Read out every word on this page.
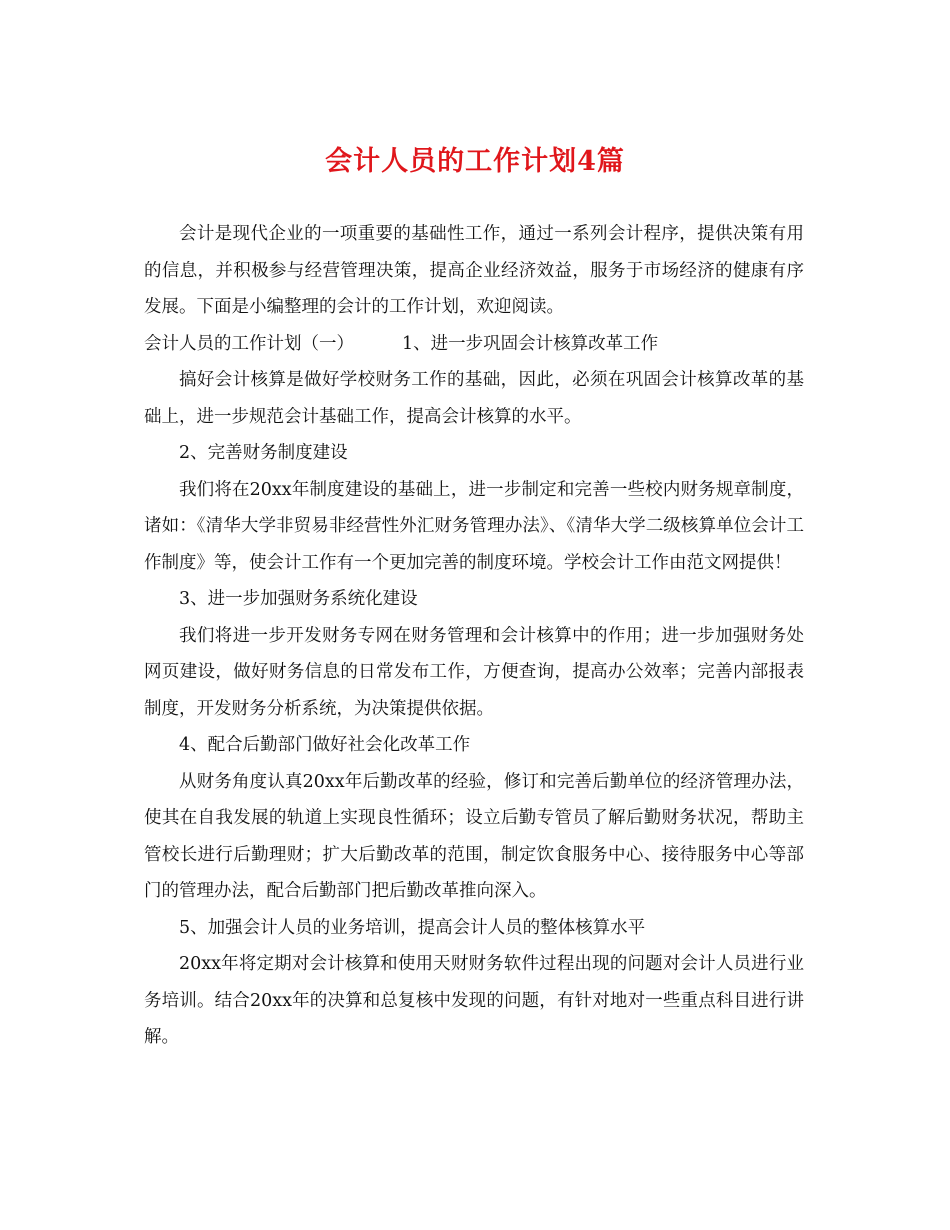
会计人员的工作计划4篇

会计是现代企业的一项重要的基础性工作，通过一系列会计程序，提供决策有用的信息，并积极参与经营管理决策，提高企业经济效益，服务于市场经济的健康有序发展。下面是小编整理的会计的工作计划，欢迎阅读。

会计人员的工作计划（一）	1、进一步巩固会计核算改革工作

搞好会计核算是做好学校财务工作的基础，因此，必须在巩固会计核算改革的基础上，进一步规范会计基础工作，提高会计核算的水平。

2、完善财务制度建设

我们将在20xx年制度建设的基础上，进一步制定和完善一些校内财务规章制度，诸如：《清华大学非贸易非经营性外汇财务管理办法》、《清华大学二级核算单位会计工作制度》等，使会计工作有一个更加完善的制度环境。学校会计工作由范文网提供！

3、进一步加强财务系统化建设

我们将进一步开发财务专网在财务管理和会计核算中的作用；进一步加强财务处网页建设，做好财务信息的日常发布工作，方便查询，提高办公效率；完善内部报表制度，开发财务分析系统，为决策提供依据。

4、配合后勤部门做好社会化改革工作

从财务角度认真20xx年后勤改革的经验，修订和完善后勤单位的经济管理办法，使其在自我发展的轨道上实现良性循环；设立后勤专管员了解后勤财务状况，帮助主管校长进行后勤理财；扩大后勤改革的范围，制定饮食服务中心、接待服务中心等部门的管理办法，配合后勤部门把后勤改革推向深入。

5、加强会计人员的业务培训，提高会计人员的整体核算水平

20xx年将定期对会计核算和使用天财财务软件过程出现的问题对会计人员进行业务培训。结合20xx年的决算和总复核中发现的问题，有针对地对一些重点科目进行讲解。
